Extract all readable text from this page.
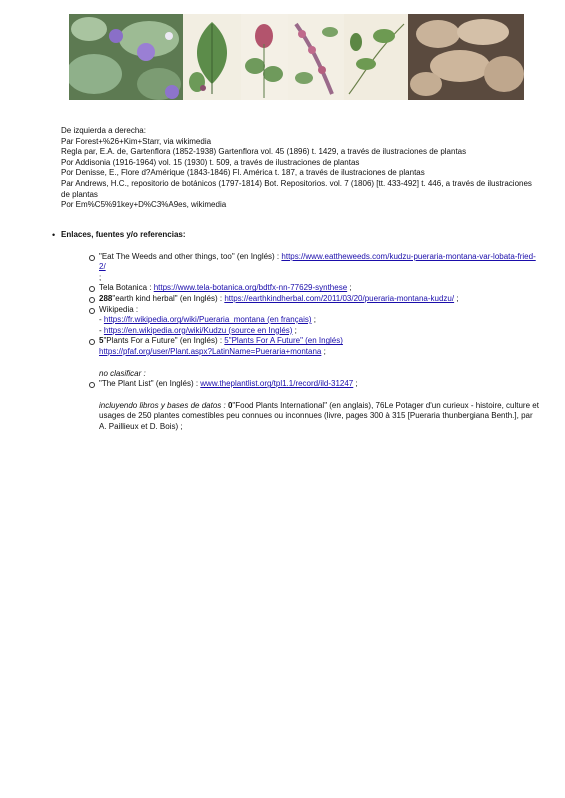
De izquierda a derecha:
Par Forest+%26+Kim+Starr, via wikimedia
Regla par, E.A. de, Gartenflora (1852-1938) Gartenflora vol. 45 (1896) t. 1429, a través de ilustraciones de plantas
Por Addisonia (1916-1964) vol. 15 (1930) t. 509, a través de ilustraciones de plantas
Por Denisse, E., Flore d?Amérique (1843-1846) Fl. América t. 187, a través de ilustraciones de plantas
Par Andrews, H.C., repositorio de botánicos (1797-1814) Bot. Repositorios. vol. 7 (1806) [tt. 433-492] t. 446, a través de ilustraciones de plantas
Por Em%C5%91key+D%C3%A9es, wikimedia
• Enlaces, fuentes y/o referencias:
"Eat The Weeds and other things, too" (en Inglés) : https://www.eattheweeds.com/kudzu-pueraria-montana-var-lobata-fried-2/
;
Tela Botanica : https://www.tela-botanica.org/bdtfx-nn-77629-synthese ;
288"earth kind herbal" (en Inglés) : https://earthkindherbal.com/2011/03/20/pueraria-montana-kudzu/ ;
Wikipedia :
- https://fr.wikipedia.org/wiki/Pueraria_montana (en français) ;
- https://en.wikipedia.org/wiki/Kudzu (source en Inglés) ;
5"Plants For a Future" (en Inglés) : 5"Plants For A Future" (en Inglés)
https://pfaf.org/user/Plant.aspx?LatinName=Pueraria+montana ;
no clasificar :
"The Plant List" (en Inglés) : www.theplantlist.org/tpl1.1/record/ild-31247 ;
incluyendo libros y bases de datos : 0"Food Plants International" (en anglais), 76Le Potager d'un curieux - histoire, culture et usages de 250 plantes comestibles peu connues ou inconnues (livre, pages 300 à 315 [Pueraria thunbergiana Benth.], par A. Paillieux et D. Bois) ;
